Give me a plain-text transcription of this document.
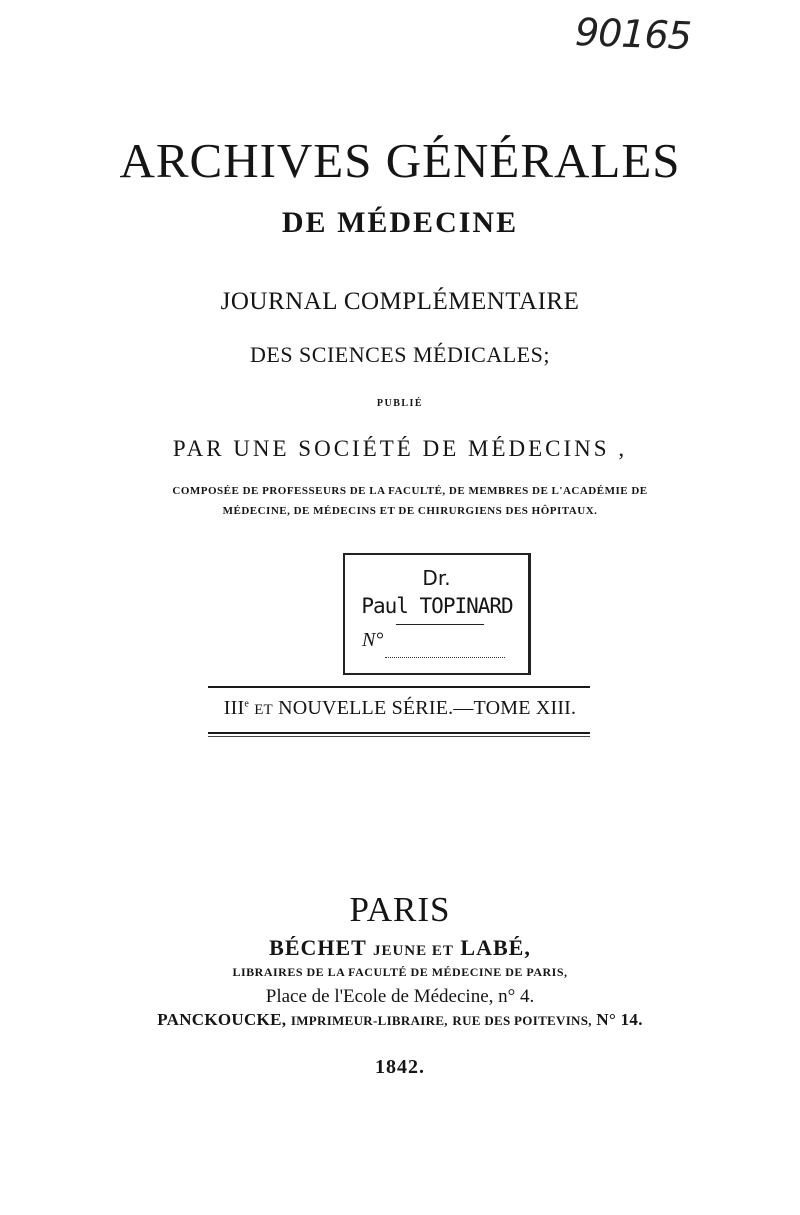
90165
ARCHIVES GÉNÉRALES
DE MÉDECINE
JOURNAL COMPLÉMENTAIRE
DES SCIENCES MÉDICALES;
PUBLIÉ
PAR UNE SOCIÉTÉ DE MÉDECINS ,
COMPOSÉE DE PROFESSEURS DE LA FACULTÉ, DE MEMBRES DE L'ACADÉMIE DE
MÉDECINE, DE MÉDECINS ET DE CHIRURGIENS DES HÔPITAUX.
Dr.
Paul TOPINARD
N°
IIIe ET NOUVELLE SÉRIE.—TOME XIII.
PARIS
BÉCHET JEUNE ET LABÉ,
LIBRAIRES DE LA FACULTÉ DE MÉDECINE DE PARIS,
Place de l'Ecole de Médecine, n° 4.
PANCKOUCKE, IMPRIMEUR-LIBRAIRE, RUE DES POITEVINS, N° 14.
1842.
